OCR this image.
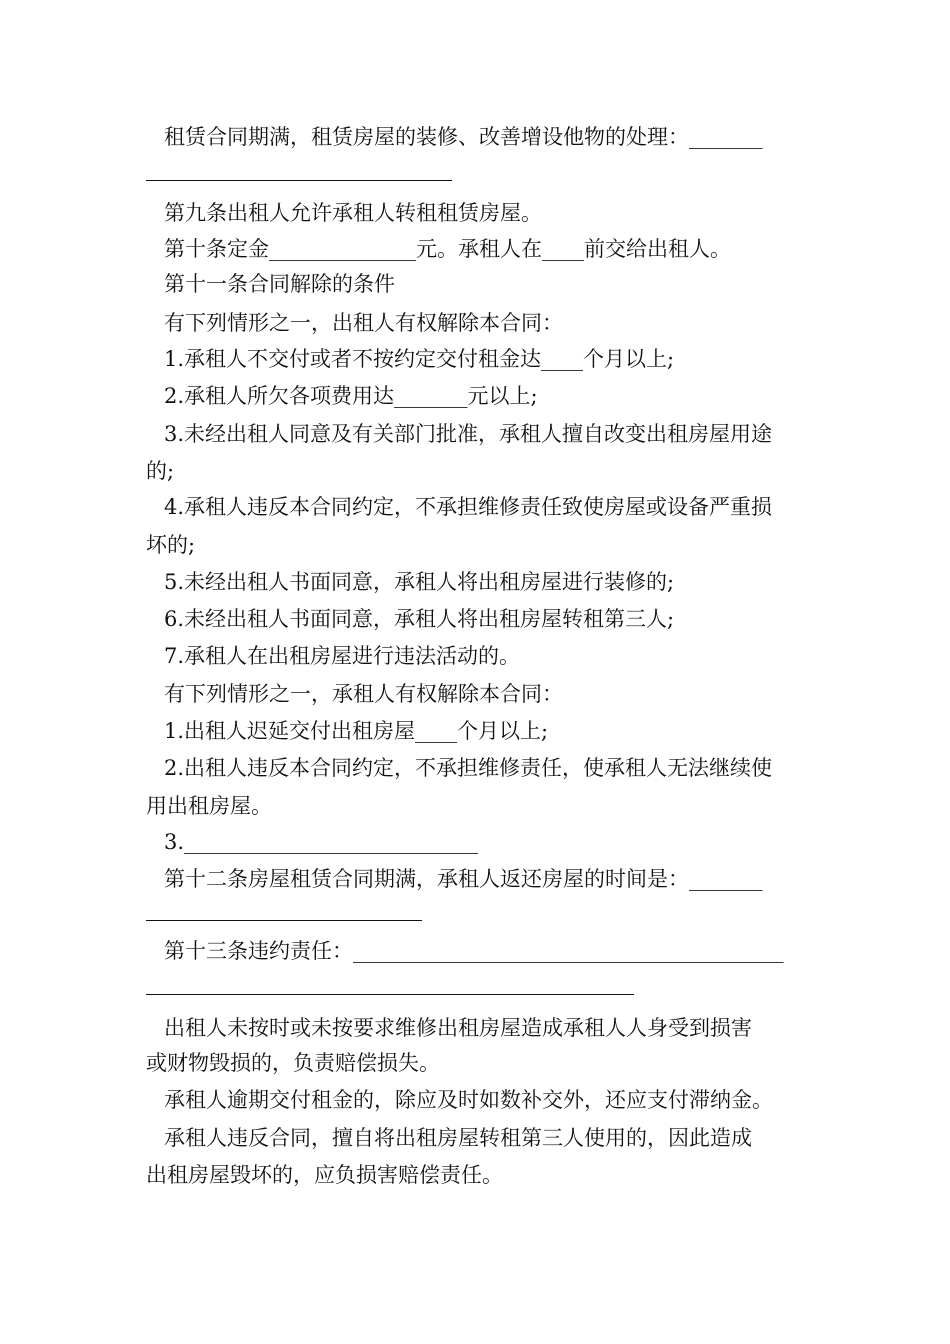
租赁合同期满，租赁房屋的装修、改善增设他物的处理：_______
第九条出租人允许承租人转租租赁房屋。
第十条定金______________元。承租人在____前交给出租人。
第十一条合同解除的条件
有下列情形之一，出租人有权解除本合同：
1.承租人不交付或者不按约定交付租金达____个月以上;
2.承租人所欠各项费用达_______元以上;
3.未经出租人同意及有关部门批准，承租人擅自改变出租房屋用途
的;
4.承租人违反本合同约定，不承担维修责任致使房屋或设备严重损
坏的;
5.未经出租人书面同意，承租人将出租房屋进行装修的;
6.未经出租人书面同意，承租人将出租房屋转租第三人;
7.承租人在出租房屋进行违法活动的。
有下列情形之一，承租人有权解除本合同：
1.出租人迟延交付出租房屋____个月以上;
2.出租人违反本合同约定，不承担维修责任，使承租人无法继续使
用出租房屋。
3.____________________________
第十二条房屋租赁合同期满，承租人返还房屋的时间是：_______
第十三条违约责任：_________________________________________
出租人未按时或未按要求维修出租房屋造成承租人人身受到损害
或财物毁损的，负责赔偿损失。
承租人逾期交付租金的，除应及时如数补交外，还应支付滞纳金。
承租人违反合同，擅自将出租房屋转租第三人使用的，因此造成
出租房屋毁坏的，应负损害赔偿责任。
